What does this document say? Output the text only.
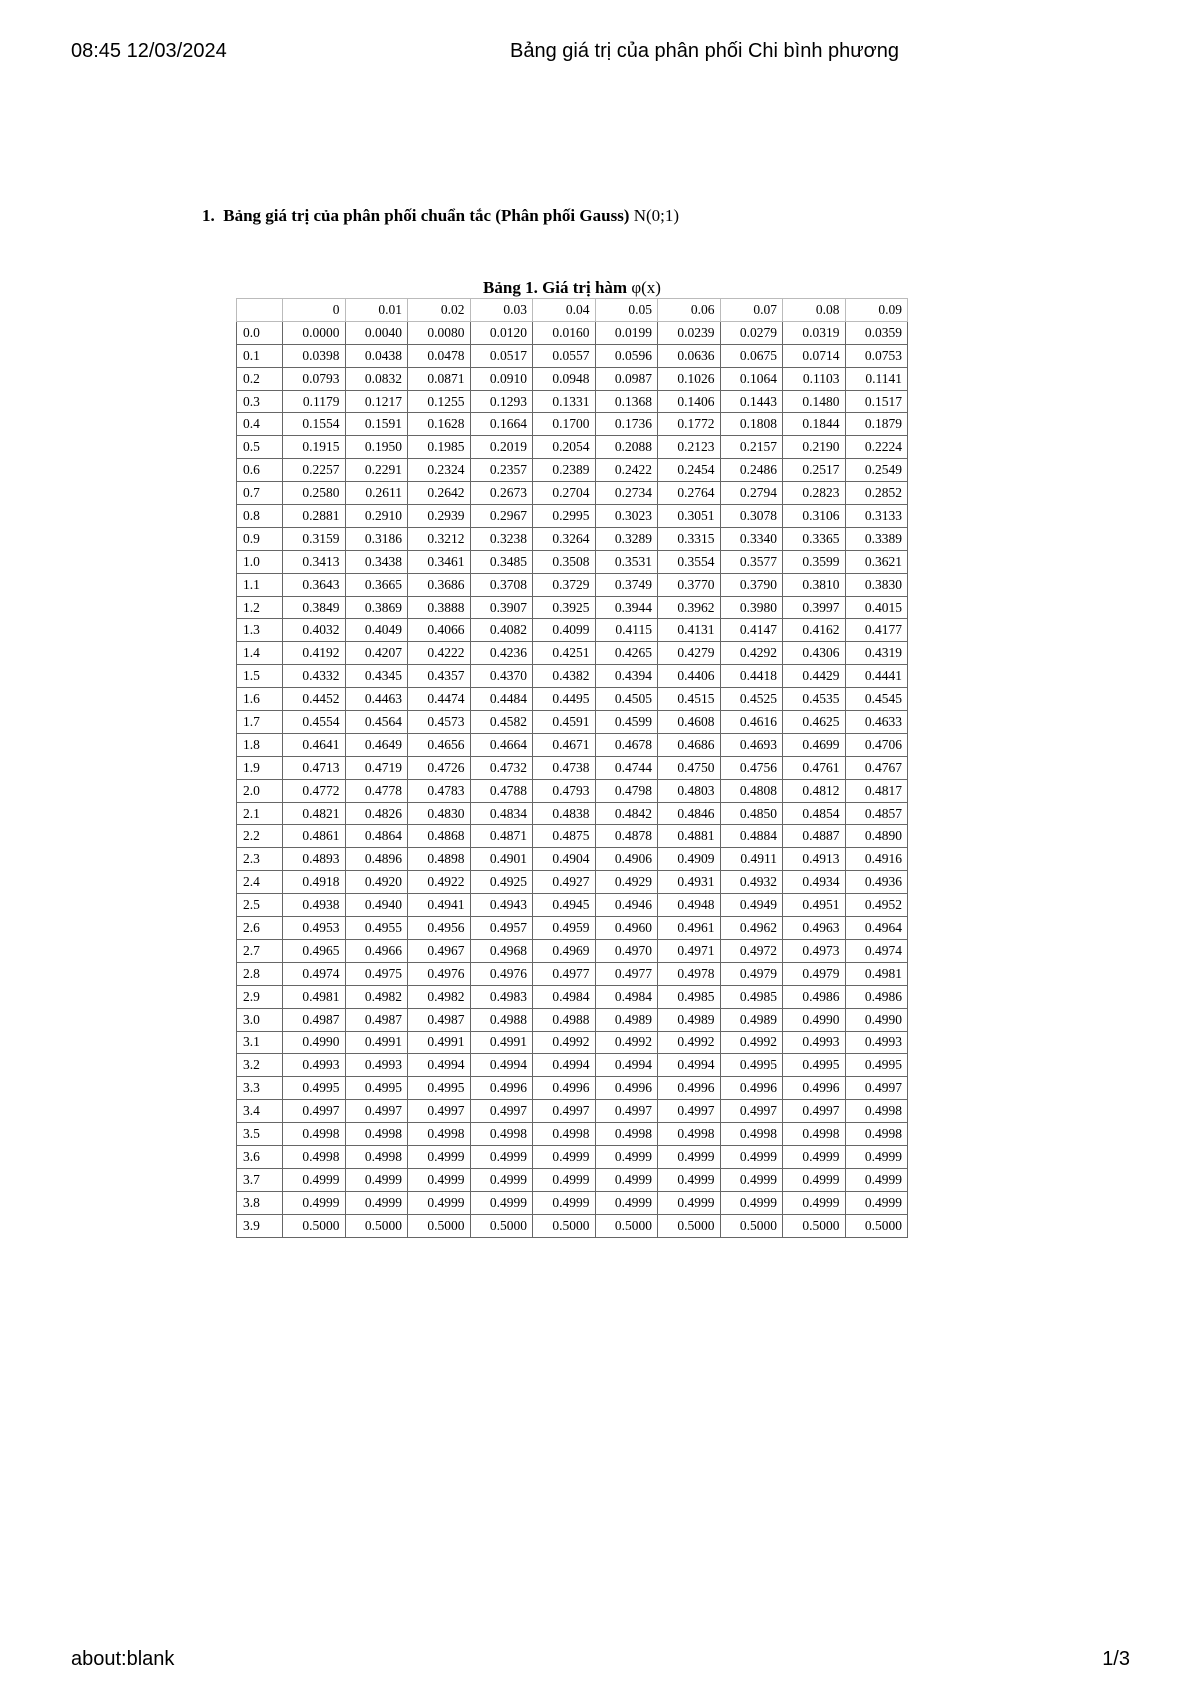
08:45 12/03/2024	Bảng giá trị của phân phối Chi bình phương
1. Bảng giá trị của phân phối chuẩn tắc (Phân phối Gauss) N(0;1)
Bảng 1. Giá trị hàm φ(x)
	0	0.01	0.02	0.03	0.04	0.05	0.06	0.07	0.08	0.09
0.0	0.0000	0.0040	0.0080	0.0120	0.0160	0.0199	0.0239	0.0279	0.0319	0.0359
0.1	0.0398	0.0438	0.0478	0.0517	0.0557	0.0596	0.0636	0.0675	0.0714	0.0753
0.2	0.0793	0.0832	0.0871	0.0910	0.0948	0.0987	0.1026	0.1064	0.1103	0.1141
0.3	0.1179	0.1217	0.1255	0.1293	0.1331	0.1368	0.1406	0.1443	0.1480	0.1517
0.4	0.1554	0.1591	0.1628	0.1664	0.1700	0.1736	0.1772	0.1808	0.1844	0.1879
0.5	0.1915	0.1950	0.1985	0.2019	0.2054	0.2088	0.2123	0.2157	0.2190	0.2224
0.6	0.2257	0.2291	0.2324	0.2357	0.2389	0.2422	0.2454	0.2486	0.2517	0.2549
0.7	0.2580	0.2611	0.2642	0.2673	0.2704	0.2734	0.2764	0.2794	0.2823	0.2852
0.8	0.2881	0.2910	0.2939	0.2967	0.2995	0.3023	0.3051	0.3078	0.3106	0.3133
0.9	0.3159	0.3186	0.3212	0.3238	0.3264	0.3289	0.3315	0.3340	0.3365	0.3389
1.0	0.3413	0.3438	0.3461	0.3485	0.3508	0.3531	0.3554	0.3577	0.3599	0.3621
1.1	0.3643	0.3665	0.3686	0.3708	0.3729	0.3749	0.3770	0.3790	0.3810	0.3830
1.2	0.3849	0.3869	0.3888	0.3907	0.3925	0.3944	0.3962	0.3980	0.3997	0.4015
1.3	0.4032	0.4049	0.4066	0.4082	0.4099	0.4115	0.4131	0.4147	0.4162	0.4177
1.4	0.4192	0.4207	0.4222	0.4236	0.4251	0.4265	0.4279	0.4292	0.4306	0.4319
1.5	0.4332	0.4345	0.4357	0.4370	0.4382	0.4394	0.4406	0.4418	0.4429	0.4441
1.6	0.4452	0.4463	0.4474	0.4484	0.4495	0.4505	0.4515	0.4525	0.4535	0.4545
1.7	0.4554	0.4564	0.4573	0.4582	0.4591	0.4599	0.4608	0.4616	0.4625	0.4633
1.8	0.4641	0.4649	0.4656	0.4664	0.4671	0.4678	0.4686	0.4693	0.4699	0.4706
1.9	0.4713	0.4719	0.4726	0.4732	0.4738	0.4744	0.4750	0.4756	0.4761	0.4767
2.0	0.4772	0.4778	0.4783	0.4788	0.4793	0.4798	0.4803	0.4808	0.4812	0.4817
2.1	0.4821	0.4826	0.4830	0.4834	0.4838	0.4842	0.4846	0.4850	0.4854	0.4857
2.2	0.4861	0.4864	0.4868	0.4871	0.4875	0.4878	0.4881	0.4884	0.4887	0.4890
2.3	0.4893	0.4896	0.4898	0.4901	0.4904	0.4906	0.4909	0.4911	0.4913	0.4916
2.4	0.4918	0.4920	0.4922	0.4925	0.4927	0.4929	0.4931	0.4932	0.4934	0.4936
2.5	0.4938	0.4940	0.4941	0.4943	0.4945	0.4946	0.4948	0.4949	0.4951	0.4952
2.6	0.4953	0.4955	0.4956	0.4957	0.4959	0.4960	0.4961	0.4962	0.4963	0.4964
2.7	0.4965	0.4966	0.4967	0.4968	0.4969	0.4970	0.4971	0.4972	0.4973	0.4974
2.8	0.4974	0.4975	0.4976	0.4976	0.4977	0.4977	0.4978	0.4979	0.4979	0.4981
2.9	0.4981	0.4982	0.4982	0.4983	0.4984	0.4984	0.4985	0.4985	0.4986	0.4986
3.0	0.4987	0.4987	0.4987	0.4988	0.4988	0.4989	0.4989	0.4989	0.4990	0.4990
3.1	0.4990	0.4991	0.4991	0.4991	0.4992	0.4992	0.4992	0.4992	0.4993	0.4993
3.2	0.4993	0.4993	0.4994	0.4994	0.4994	0.4994	0.4994	0.4995	0.4995	0.4995
3.3	0.4995	0.4995	0.4995	0.4996	0.4996	0.4996	0.4996	0.4996	0.4996	0.4997
3.4	0.4997	0.4997	0.4997	0.4997	0.4997	0.4997	0.4997	0.4997	0.4997	0.4998
3.5	0.4998	0.4998	0.4998	0.4998	0.4998	0.4998	0.4998	0.4998	0.4998	0.4998
3.6	0.4998	0.4998	0.4999	0.4999	0.4999	0.4999	0.4999	0.4999	0.4999	0.4999
3.7	0.4999	0.4999	0.4999	0.4999	0.4999	0.4999	0.4999	0.4999	0.4999	0.4999
3.8	0.4999	0.4999	0.4999	0.4999	0.4999	0.4999	0.4999	0.4999	0.4999	0.4999
3.9	0.5000	0.5000	0.5000	0.5000	0.5000	0.5000	0.5000	0.5000	0.5000	0.5000
about:blank	1/3
